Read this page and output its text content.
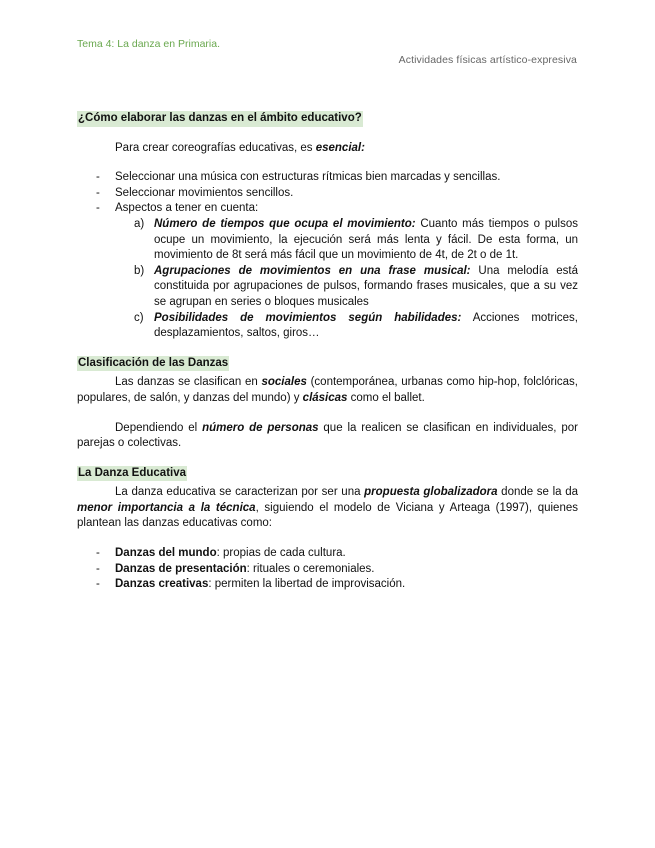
Tema 4: La danza en Primaria.
Actividades físicas artístico-expresiva
¿Cómo elaborar las danzas en el ámbito educativo?

Para crear coreografías educativas, es esencial:

- Seleccionar una música con estructuras rítmicas bien marcadas y sencillas.
- Seleccionar movimientos sencillos.
- Aspectos a tener en cuenta:
a) Número de tiempos que ocupa el movimiento: Cuanto más tiempos o pulsos ocupe un movimiento, la ejecución será más lenta y fácil. De esta forma, un movimiento de 8t será más fácil que un movimiento de 4t, de 2t o de 1t.
b) Agrupaciones de movimientos en una frase musical: Una melodía está constituida por agrupaciones de pulsos, formando frases musicales, que a su vez se agrupan en series o bloques musicales
c) Posibilidades de movimientos según habilidades: Acciones motrices, desplazamientos, saltos, giros…
Clasificación de las Danzas

Las danzas se clasifican en sociales (contemporánea, urbanas como hip-hop, folclóricas, populares, de salón, y danzas del mundo) y clásicas como el ballet.

Dependiendo el número de personas que la realicen se clasifican en individuales, por parejas o colectivas.

La Danza Educativa

La danza educativa se caracterizan por ser una propuesta globalizadora donde se la da menor importancia a la técnica, siguiendo el modelo de Viciana y Arteaga (1997), quienes plantean las danzas educativas como:

- Danzas del mundo: propias de cada cultura.
- Danzas de presentación: rituales o ceremoniales.
- Danzas creativas: permiten la libertad de improvisación.
